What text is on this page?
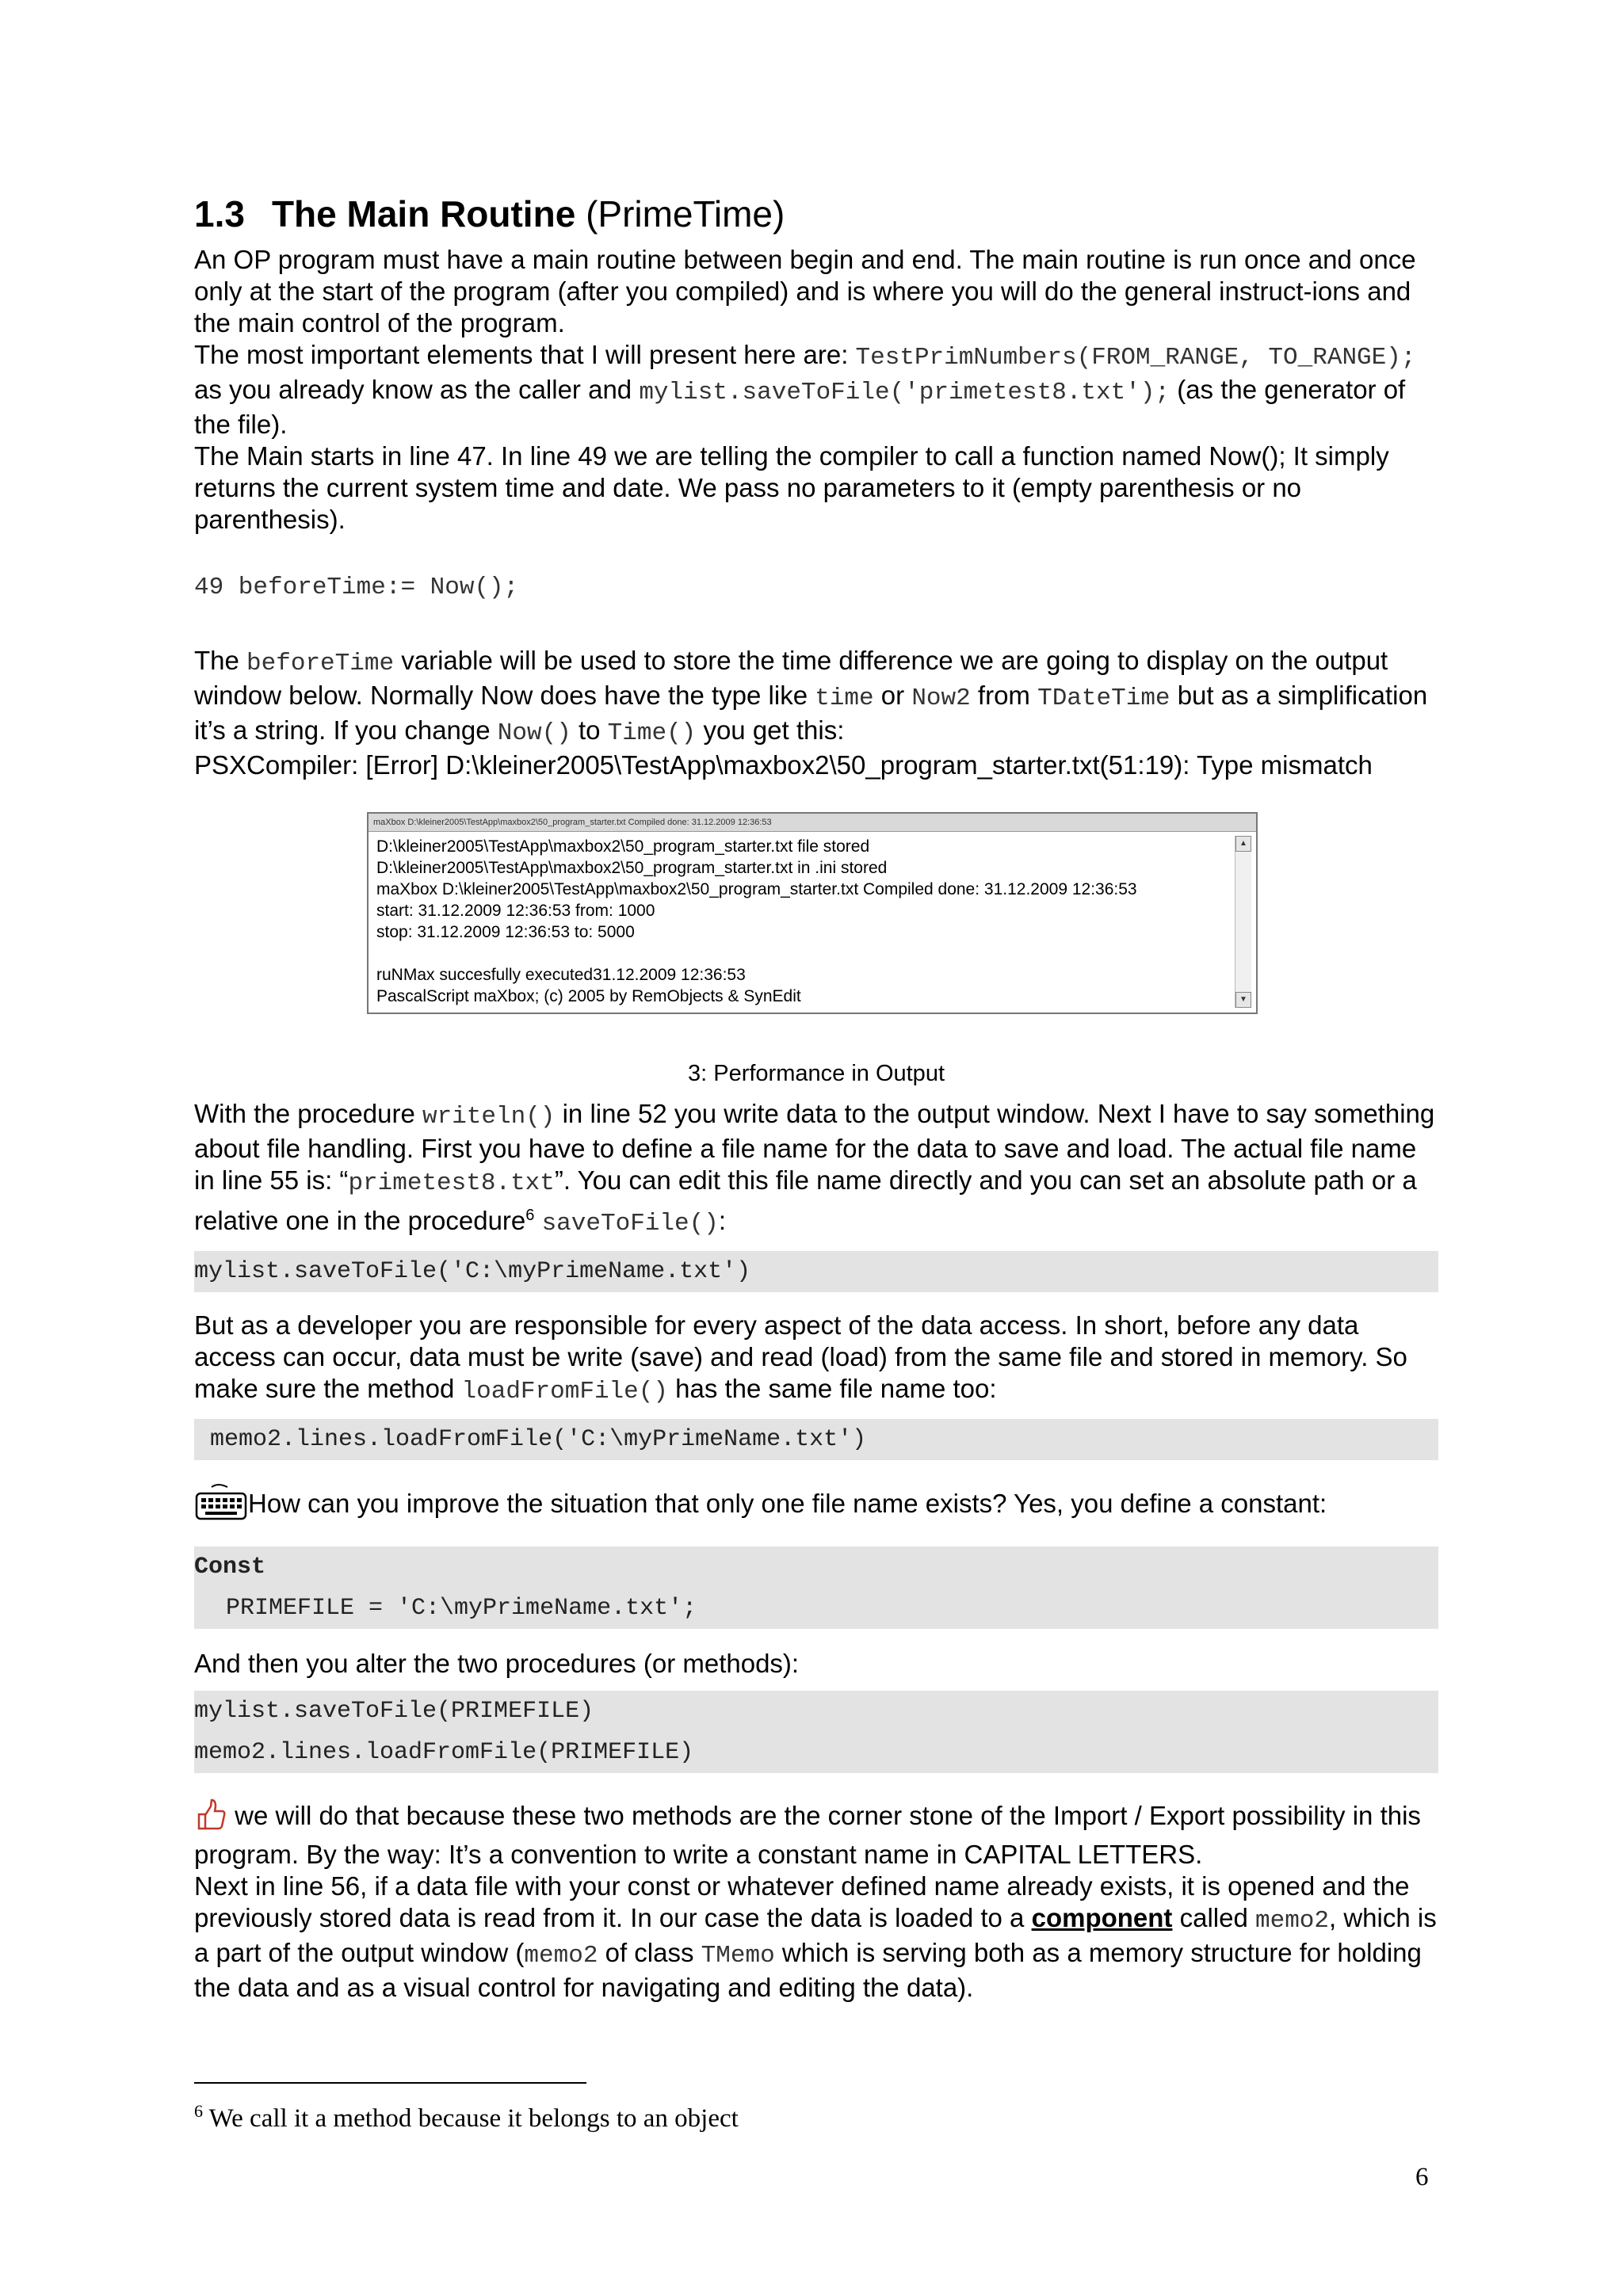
1.3 The Main Routine (PrimeTime)

An OP program must have a main routine between begin and end. The main routine is run once and once only at the start of the program (after you compiled) and is where you will do the general instruct-ions and the main control of the program.

The most important elements that I will present here are: TestPrimNumbers(FROM_RANGE, TO_RANGE); as you already know as the caller and mylist.saveToFile('primetest8.txt'); (as the generator of the file).

The Main starts in line 47. In line 49 we are telling the compiler to call a function named Now(); It simply returns the current system time and date. We pass no parameters to it (empty parenthesis or no parenthesis).

49 beforeTime:= Now();

The beforeTime variable will be used to store the time difference we are going to display on the output window below. Normally Now does have the type like time or Now2 from TDateTime but as a simplification it’s a string. If you change Now() to Time() you get this:

PSXCompiler: [Error] D:\kleiner2005\TestApp\maxbox2\50_program_starter.txt(51:19): Type mismatch

3: Performance in Output

With the procedure writeln() in line 52 you write data to the output window. Next I have to say something about file handling. First you have to define a file name for the data to save and load. The actual file name in line 55 is: “primetest8.txt”. You can edit this file name directly and you can set an absolute path or a relative one in the procedure$^6$ saveToFile():

mylist.saveToFile('C:\myPrimeName.txt')

But as a developer you are responsible for every aspect of the data access. In short, before any data access can occur, data must be write (save) and read (load) from the same file and stored in memory. So make sure the method loadFromFile() has the same file name too:

memo2.lines.loadFromFile('C:\myPrimeName.txt')

How can you improve the situation that only one file name exists? Yes, you define a constant:

Const
PRIMEFILE = 'C:\myPrimeName.txt';

And then you alter the two procedures (or methods):

mylist.saveToFile(PRIMEFILE)
memo2.lines.loadFromFile(PRIMEFILE)

we will do that because these two methods are the corner stone of the Import / Export possibility in this program. By the way: It’s a convention to write a constant name in CAPITAL LETTERS.

Next in line 56, if a data file with your const or whatever defined name already exists, it is opened and the previously stored data is read from it. In our case the data is loaded to a component called memo2, which is a part of the output window (memo2 of class TMemo which is serving both as a memory structure for holding the data and as a visual control for navigating and editing the data).

maXbox D:\kleiner2005\TestApp\maxbox2\50_program_starter.txt Compiled done: 31.12.2009 12:36:53
D:\kleiner2005\TestApp\maxbox2\50_program_starter.txt file stored
D:\kleiner2005\TestApp\maxbox2\50_program_starter.txt in .ini stored
maXbox D:\kleiner2005\TestApp\maxbox2\50_program_starter.txt Compiled done: 31.12.2009 12:36:53
start: 31.12.2009 12:36:53 from: 1000
stop: 31.12.2009 12:36:53 to: 5000
ruNMax succesfully executed31.12.2009 12:36:53
PascalScript maXbox; (c) 2005 by RemObjects & SynEdit
▲
▼
$^6$ We call it a method because it belongs to an object
6
